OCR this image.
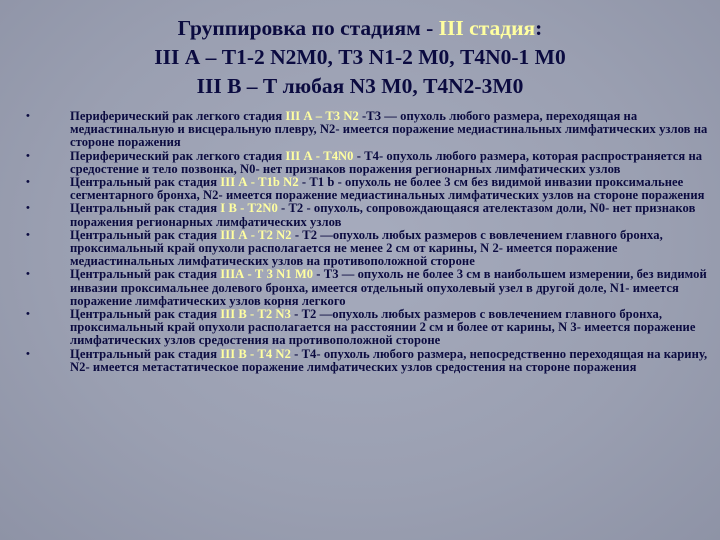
Группировка по стадиям - III стадия:
III А – Т1-2 N2M0, Т3 N1-2 М0, Т4N0-1 М0
III В – Т любая N3 М0, Т4N2-3М0
•	Периферический рак легкого стадия III А – Т3 N2 -Т3 — опухоль любого размера, переходящая на медиастинальную и висцеральную плевру, N2- имеется поражение медиастинальных лимфатических узлов на стороне поражения
•	Периферический рак легкого стадия III А - Т4N0 - Т4- опухоль любого размера, которая распространяется на средостение и тело позвонка, N0- нет признаков поражения регионарных лимфатических узлов
•	Центральный рак стадия III А - Т1b N2 - Т1 b - опухоль не более 3 см без видимой инвазии проксимальнее сегментарного бронха, N2- имеется поражение медиастинальных лимфатических узлов на стороне поражения
•	Центральный рак стадия I В - Т2N0 - Т2 - опухоль, сопровождающаяся ателектазом доли, N0- нет признаков поражения регионарных лимфатических узлов
•	Центральный рак стадия III А - Т2 N2 - Т2 —опухоль любых размеров с вовлечением главного бронха, проксимальный край опухоли располагается не менее 2 см от карины, N 2- имеется поражение медиастинальных лимфатических узлов на противоположной стороне
•	Центральный рак стадия IIIА - Т 3 N1 М0 - Т3 — опухоль не более 3 см в наибольшем измерении, без видимой инвазии проксимальнее долевого бронха, имеется отдельный опухолевый узел в другой доле, N1- имеется поражение лимфатических узлов корня легкого
•	Центральный рак стадия III В - Т2 N3 - Т2 —опухоль любых размеров с вовлечением главного бронха, проксимальный край опухоли располагается на расстоянии 2 см и более от карины, N 3- имеется поражение лимфатических узлов средостения на противоположной стороне
•	Центральный рак стадия III В - Т4 N2 - Т4- опухоль любого размера, непосредственно переходящая на карину, N2- имеется метастатическое поражение лимфатических узлов средостения на стороне поражения
